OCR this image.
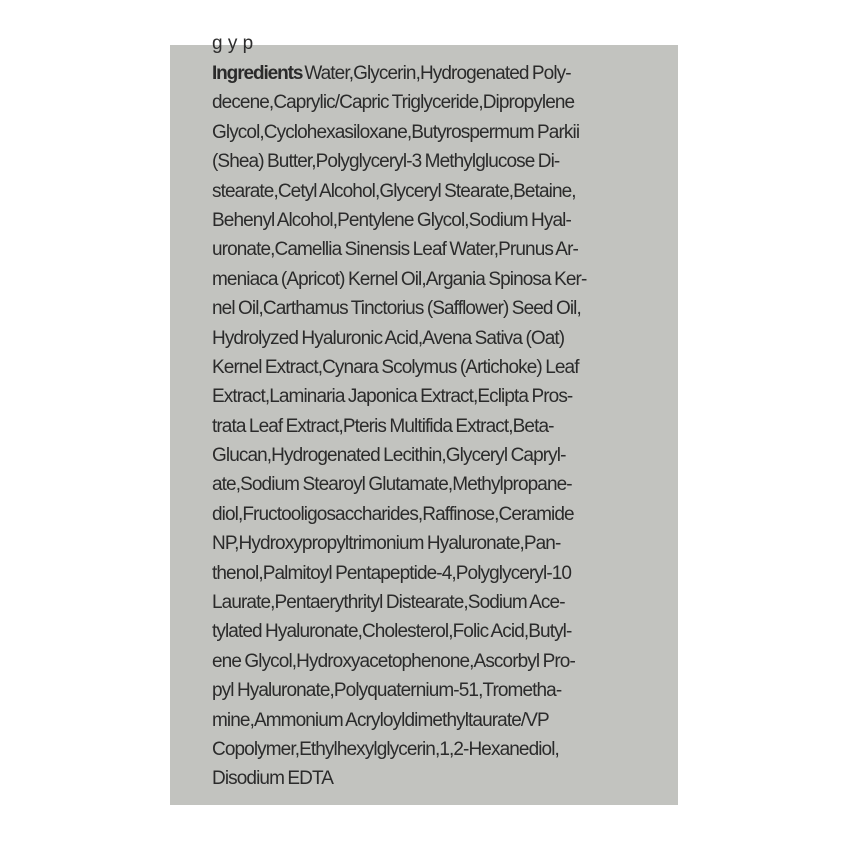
g y p
Ingredients Water,Glycerin,Hydrogenated Poly-
decene,Caprylic/Capric Triglyceride,Dipropylene
Glycol,Cyclohexasiloxane,Butyrospermum Parkii
(Shea) Butter,Polyglyceryl-3 Methylglucose Di-
stearate,Cetyl Alcohol,Glyceryl Stearate,Betaine,
Behenyl Alcohol,Pentylene Glycol,Sodium Hyal-
uronate,Camellia Sinensis Leaf Water,Prunus Ar-
meniaca (Apricot) Kernel Oil,Argania Spinosa Ker-
nel Oil,Carthamus Tinctorius (Safflower) Seed Oil,
Hydrolyzed Hyaluronic Acid,Avena Sativa (Oat)
Kernel Extract,Cynara Scolymus (Artichoke) Leaf
Extract,Laminaria Japonica Extract,Eclipta Pros-
trata Leaf Extract,Pteris Multifida Extract,Beta-
Glucan,Hydrogenated Lecithin,Glyceryl Capryl-
ate,Sodium Stearoyl Glutamate,Methylpropane-
diol,Fructooligosaccharides,Raffinose,Ceramide
NP,Hydroxypropyltrimonium Hyaluronate,Pan-
thenol,Palmitoyl Pentapeptide-4,Polyglyceryl-10
Laurate,Pentaerythrityl Distearate,Sodium Ace-
tylated Hyaluronate,Cholesterol,Folic Acid,Butyl-
ene Glycol,Hydroxyacetophenone,Ascorbyl Pro-
pyl Hyaluronate,Polyquaternium-51,Trometha-
mine,Ammonium Acryloyldimethyltaurate/VP
Copolymer,Ethylhexylglycerin,1,2-Hexanediol,
Disodium EDTA
